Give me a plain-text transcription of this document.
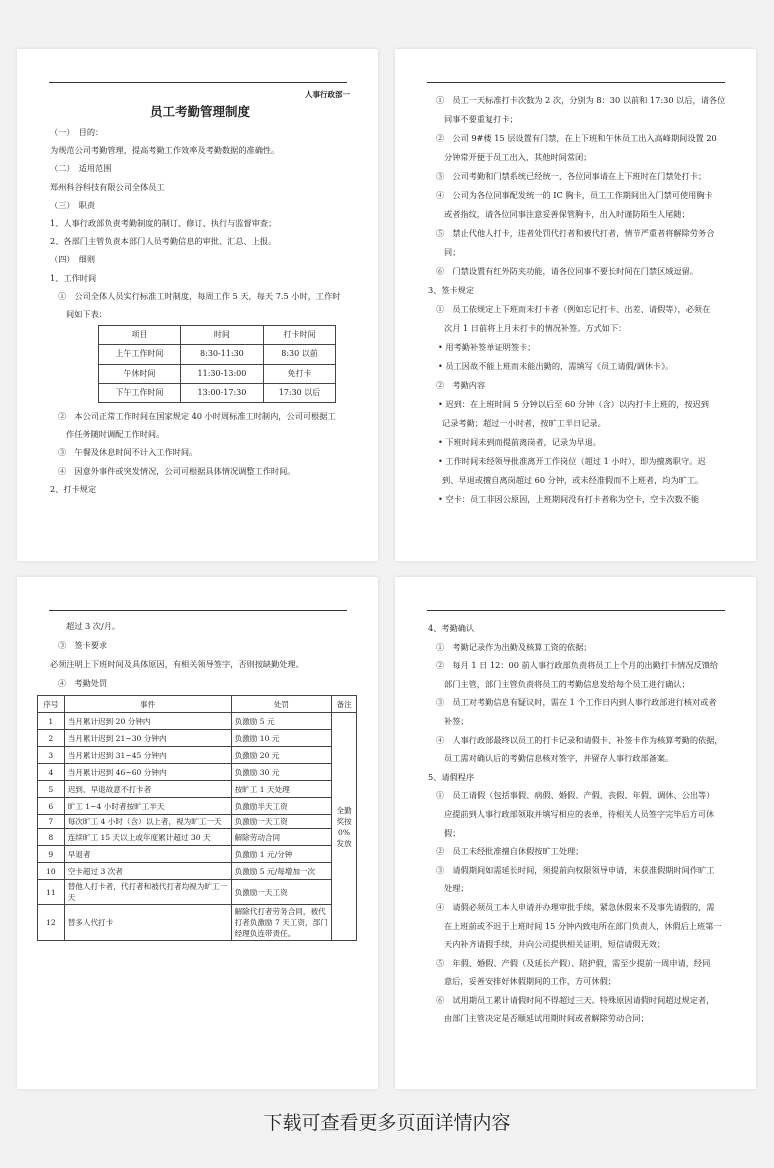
人事行政部一
员工考勤管理制度
（一）　目的：
为规范公司考勤管理，提高考勤工作效率及考勤数据的准确性。
（二）　适用范围
郑州科谷科技有限公司全体员工
（三）　职责
1、人事行政部负责考勤制度的制订、修订、执行与监督审查；
2、各部门主管负责本部门人员考勤信息的审批、汇总、上报。
（四）　细则
1、工作时间
①　公司全体人员实行标准工时制度，每周工作 5 天，每天 7.5 小时，工作时
间如下表：
项目	时间	打卡时间
上午工作时间	8:30-11:30	8:30 以前
午休时间	11:30-13:00	免打卡
下午工作时间	13:00-17:30	17:30 以后
②　本公司正常工作时间在国家规定 40 小时周标准工时制内，公司可根据工
作任务随时调配工作时间。
③　午餐及休息时间不计入工作时间。
④　因意外事件或突发情况，公司可根据具体情况调整工作时间。
2、打卡规定
①　员工一天标准打卡次数为 2 次，分别为 8：30 以前和 17:30 以后，请各位
同事不要重复打卡；
②　公司 9#楼 15 层设置有门禁，在上下班和午休员工出入高峰期间设置 20
分钟常开便于员工出入，其他时间常闭；
③　公司考勤和门禁系统已经统一，各位同事请在上下班时在门禁处打卡；
④　公司为各位同事配发统一的 IC 胸卡，员工工作期间出入门禁可使用胸卡
或者指纹，请各位同事注意妥善保管胸卡，出入时谨防陌生人尾随；
⑤　禁止代他人打卡，违者处罚代打者和被代打者，情节严重者将解除劳务合
同；
⑥　门禁设置有红外防夹功能，请各位同事不要长时间在门禁区域逗留。
3、签卡规定
①　员工依规定上下班而未打卡者（例如忘记打卡、出差、请假等），必须在
次月 1 日前将上月未打卡的情况补签。方式如下：
• 用考勤补签单证明签卡；
• 员工因故不能上班而未能出勤的，需填写《员工请假/调休卡》。
②　考勤内容
• 迟到：在上班时间 5 分钟以后至 60 分钟（含）以内打卡上班的，按迟到
记录考勤；超过一小时者，按旷工半日记录。
• 下班时间未到而提前离岗者，记录为早退。
• 工作时间未经领导批准离开工作岗位（超过 1 小时），即为擅离职守。迟
到、早退或擅自离岗超过 60 分钟，或未经准假而不上班者，均为旷工。
• 空卡：员工非因公原因，上班期间没有打卡者称为空卡，空卡次数不能
超过 3 次/月。
③　签卡要求
必须注明上下班时间及具体原因，有相关领导签字，否则按缺勤处理。
④　考勤处罚
序号	事件	处罚	备注
1	当月累计迟到 20 分钟内	负激励 5 元	全勤奖按 0%发放
2	当月累计迟到 21~30 分钟内	负激励 10 元	
3	当月累计迟到 31~45 分钟内	负激励 20 元	
4	当月累计迟到 46~60 分钟内	负激励 30 元	
5	迟到、早退故意不打卡者	按旷工 1 天处理	
6	旷工 1~4 小时者按旷工半天	负激励半天工资	
7	每次旷工 4 小时（含）以上者，视为旷工一天	负激励一天工资	
8	连续旷工 15 天以上或年度累计超过 30 天	解除劳动合同	
9	早退者	负激励 1 元/分钟	
10	空卡超过 3 次者	负激励 5 元/每增加一次	
11	替他人打卡者，代打者和被代打者均视为旷工一天	负激励一天工资	
12	替多人代打卡	解除代打者劳务合同，被代打者负激励 7 天工资，部门经理负连带责任。	
4、考勤确认
①　考勤记录作为出勤及核算工资的依据；
②　每月 1 日 12：00 前人事行政部负责将员工上个月的出勤打卡情况反馈给
部门主管，部门主管负责将员工的考勤信息发给每个员工进行确认；
③　员工对考勤信息有疑议时，需在 1 个工作日内到人事行政部进行核对或者
补签；
④　人事行政部最终以员工的打卡记录和请假卡、补签卡作为核算考勤的依据，
员工需对确认后的考勤信息核对签字，并留存人事行政部备案。
5、请假程序
①　员工请假（包括事假、病假、婚假、产假、丧假、年假、调休、公出等）
应提前到人事行政部领取并填写相应的表单，待相关人员签字完毕后方可休
假；
②　员工未经批准擅自休假按旷工处理；
③　请假期间如需延长时间，须提前向权限领导申请，未获准假期时间作旷工
处理；
④　请假必须员工本人申请并办理审批手续，紧急休假来不及事先请假的，需
在上班前或不迟于上班时间 15 分钟内致电所在部门负责人，休假后上班第一
天内补齐请假手续，并向公司提供相关证明，短信请假无效；
⑤　年假、婚假、产假（及延长产假）、陪护假，需至少提前一周申请，经同
意后，妥善安排好休假期间的工作，方可休假；
⑥　试用期员工累计请假时间不得超过三天。特殊原因请假时间超过规定者，
由部门主管决定是否顺延试用期时间或者解除劳动合同；
下载可查看更多页面详情内容
